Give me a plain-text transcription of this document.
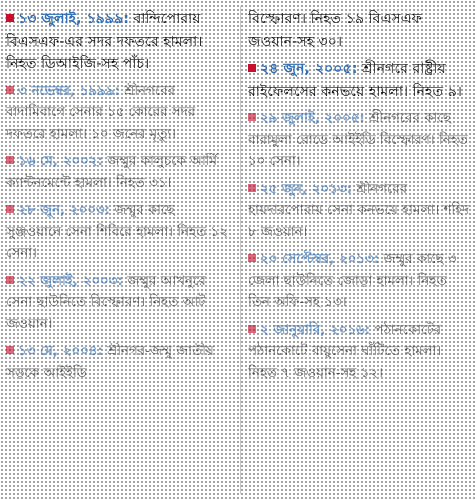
১৩ জুলাই, ১৯৯৯: বান্দিপোরায় বিএসএফ-এর সদর দফতরে হামলা। নিহত ডিআইজি-সহ পাঁচ।

৩ নভেম্বর, ১৯৯৯: শ্রীনগরের বাদামিবাগে সেনার ১৫ কোরের সদর দফতরে হামলা। ১০ জনের মৃত্যু।

১৬ মে, ২০০২: জম্মুর কালুচকে আর্মি ক্যান্টনমেন্টে হামলা। নিহত ৩১।

২৮ জুন, ২০০৩: জম্মুর কাছে সুঞ্জওয়ানে সেনা শিবিরে হামলা। নিহত ১২ সেনা।

২২ জুলাই, ২০০৩: জম্মুর আখনুরে সেনা ছাউনিতে বিস্ফোরণ। নিহত আট জওয়ান।

১৩ মে, ২০০৪: শ্রীনগর-জম্মু জাতীয় সড়কে আইইডি

বিস্ফোরণ। নিহত ১৯ বিএসএফ জওয়ান-সহ ৩০।

২৪ জুন, ২০০৫: শ্রীনগরে রাষ্ট্রীয় রাইফেলসের কনভয়ে হামলা। নিহত ৯।

২৯ জুলাই, ২০০৫: শ্রীনগরের কাছে বারামুলা রোডে আইইডি বিস্ফোরণ। নিহত ১০ সেনা।

২৫ জুন, ২০১৩: শ্রীনগরের হায়দারপোরায় সেনা কনভয়ে হামলা। শহিদ ৮ জওয়ান।

২০ সেপ্টেম্বর, ২০১৩: জম্মুর কাছে ৩ জেলা ছাউনিতে জোড়া হামলা। নিহত তিন অফি-সহ ১৩।

২ জানুয়ারি, ২০১৬: পঠানকোটের পঠানকোটে বায়ুসেনা ঘাঁটিতে হামলা। নিহত ৭ জওয়ান-সহ ১২।
